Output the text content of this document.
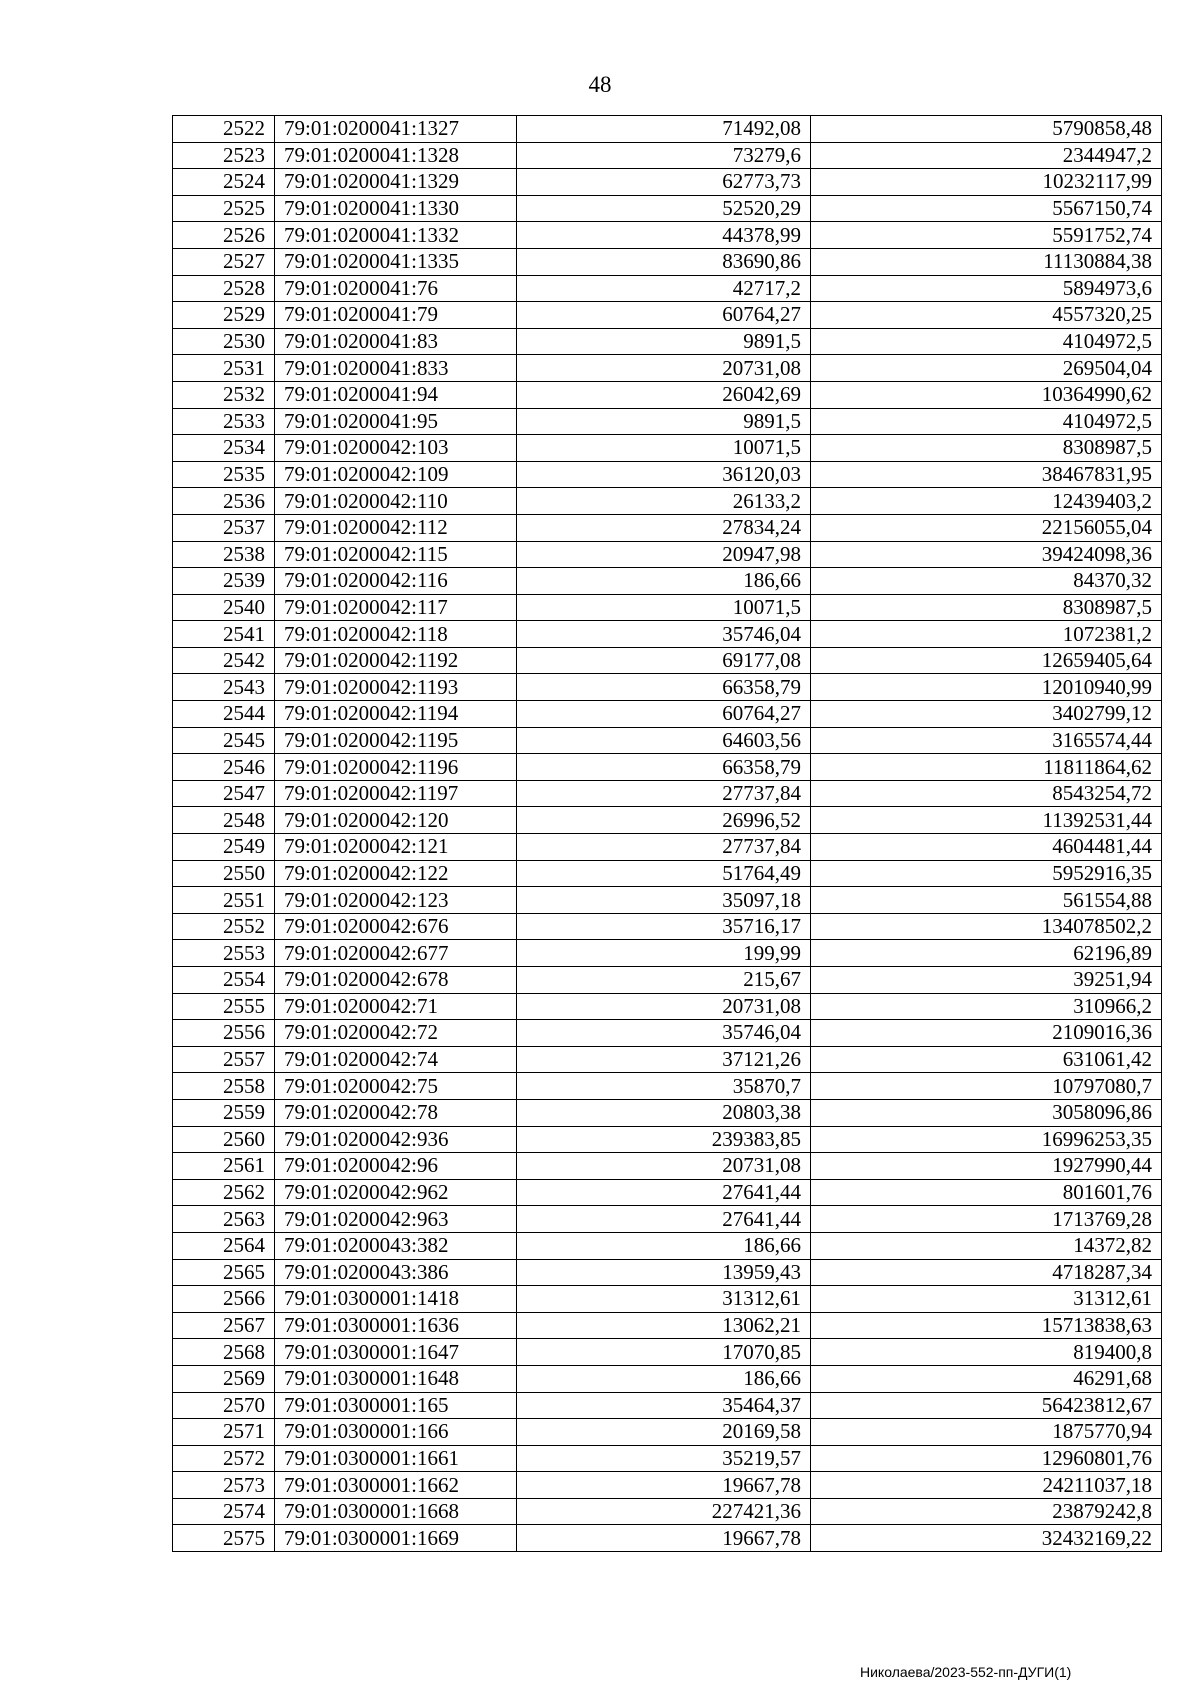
48
2522	79:01:0200041:1327	71492,08	5790858,48
2523	79:01:0200041:1328	73279,6	2344947,2
2524	79:01:0200041:1329	62773,73	10232117,99
2525	79:01:0200041:1330	52520,29	5567150,74
2526	79:01:0200041:1332	44378,99	5591752,74
2527	79:01:0200041:1335	83690,86	11130884,38
2528	79:01:0200041:76	42717,2	5894973,6
2529	79:01:0200041:79	60764,27	4557320,25
2530	79:01:0200041:83	9891,5	4104972,5
2531	79:01:0200041:833	20731,08	269504,04
2532	79:01:0200041:94	26042,69	10364990,62
2533	79:01:0200041:95	9891,5	4104972,5
2534	79:01:0200042:103	10071,5	8308987,5
2535	79:01:0200042:109	36120,03	38467831,95
2536	79:01:0200042:110	26133,2	12439403,2
2537	79:01:0200042:112	27834,24	22156055,04
2538	79:01:0200042:115	20947,98	39424098,36
2539	79:01:0200042:116	186,66	84370,32
2540	79:01:0200042:117	10071,5	8308987,5
2541	79:01:0200042:118	35746,04	1072381,2
2542	79:01:0200042:1192	69177,08	12659405,64
2543	79:01:0200042:1193	66358,79	12010940,99
2544	79:01:0200042:1194	60764,27	3402799,12
2545	79:01:0200042:1195	64603,56	3165574,44
2546	79:01:0200042:1196	66358,79	11811864,62
2547	79:01:0200042:1197	27737,84	8543254,72
2548	79:01:0200042:120	26996,52	11392531,44
2549	79:01:0200042:121	27737,84	4604481,44
2550	79:01:0200042:122	51764,49	5952916,35
2551	79:01:0200042:123	35097,18	561554,88
2552	79:01:0200042:676	35716,17	134078502,2
2553	79:01:0200042:677	199,99	62196,89
2554	79:01:0200042:678	215,67	39251,94
2555	79:01:0200042:71	20731,08	310966,2
2556	79:01:0200042:72	35746,04	2109016,36
2557	79:01:0200042:74	37121,26	631061,42
2558	79:01:0200042:75	35870,7	10797080,7
2559	79:01:0200042:78	20803,38	3058096,86
2560	79:01:0200042:936	239383,85	16996253,35
2561	79:01:0200042:96	20731,08	1927990,44
2562	79:01:0200042:962	27641,44	801601,76
2563	79:01:0200042:963	27641,44	1713769,28
2564	79:01:0200043:382	186,66	14372,82
2565	79:01:0200043:386	13959,43	4718287,34
2566	79:01:0300001:1418	31312,61	31312,61
2567	79:01:0300001:1636	13062,21	15713838,63
2568	79:01:0300001:1647	17070,85	819400,8
2569	79:01:0300001:1648	186,66	46291,68
2570	79:01:0300001:165	35464,37	56423812,67
2571	79:01:0300001:166	20169,58	1875770,94
2572	79:01:0300001:1661	35219,57	12960801,76
2573	79:01:0300001:1662	19667,78	24211037,18
2574	79:01:0300001:1668	227421,36	23879242,8
2575	79:01:0300001:1669	19667,78	32432169,22
Николаева/2023-552-пп-ДУГИ(1)
